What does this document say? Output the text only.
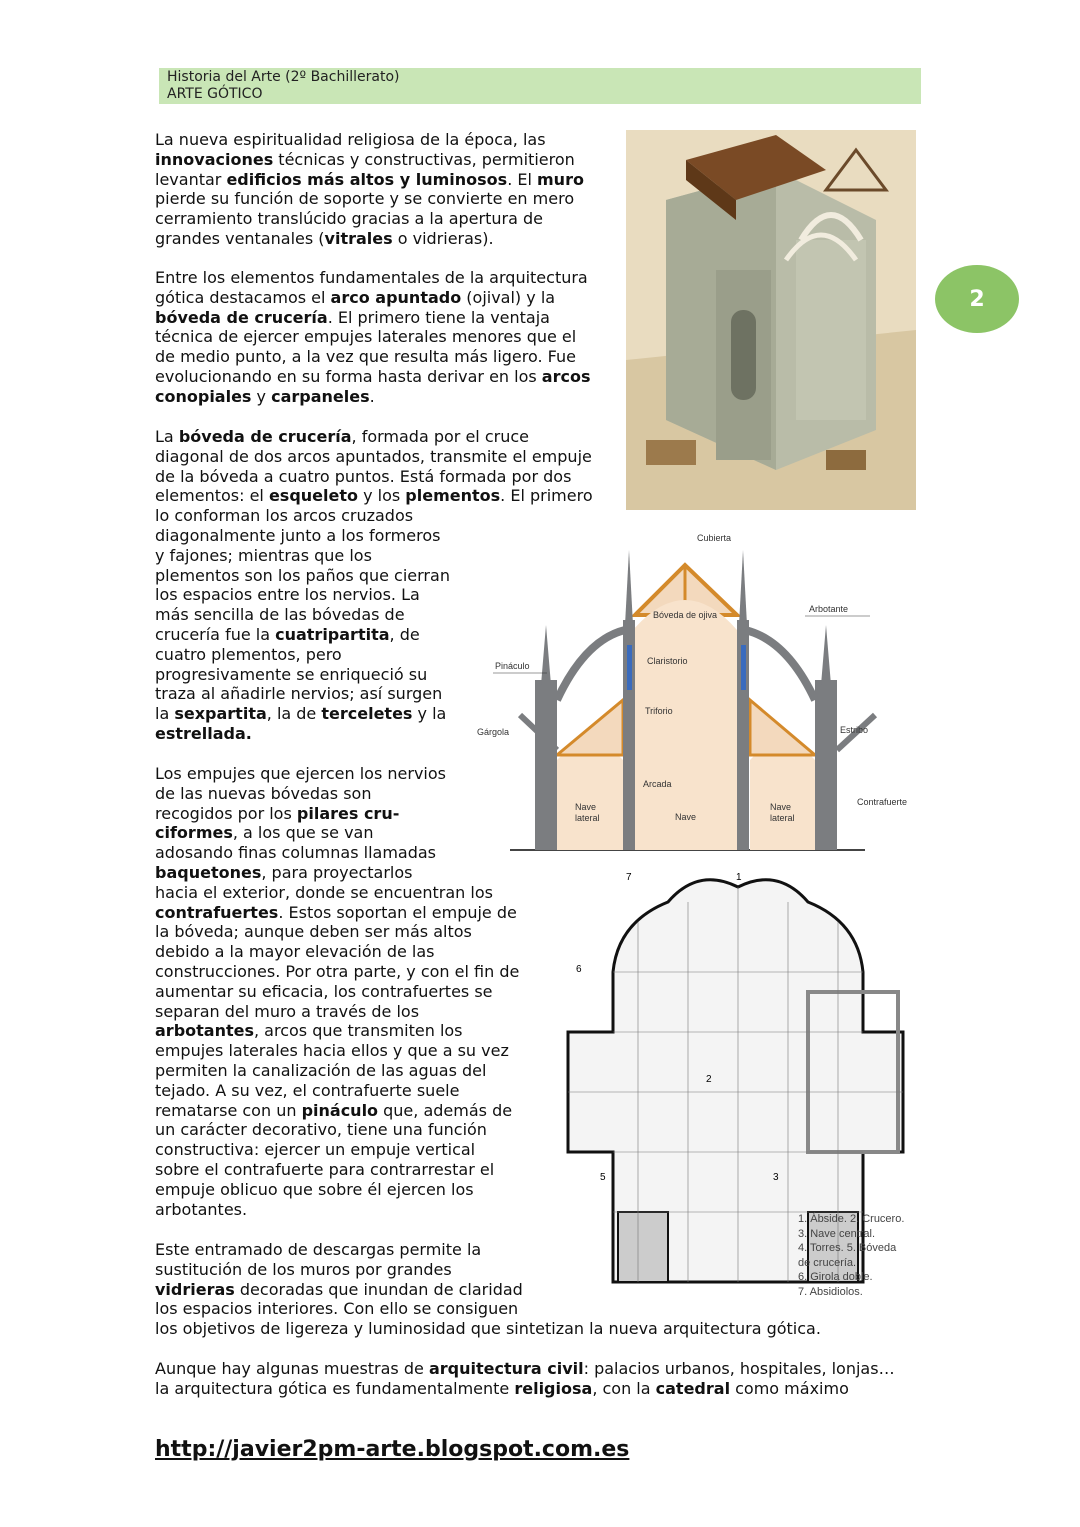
Historia del Arte (2º Bachillerato)
ARTE GÓTICO
2
La nueva espiritualidad religiosa de la época, las
innovaciones técnicas y constructivas, permitieron
levantar edificios más altos y luminosos. El muro
pierde su función de soporte y se convierte en mero
cerramiento translúcido gracias a la apertura de
grandes ventanales (vitrales o vidrieras).
Entre los elementos fundamentales de la arquitectura
gótica destacamos el arco apuntado (ojival) y la
bóveda de crucería. El primero tiene la ventaja
técnica de ejercer empujes laterales menores que el
de medio punto, a la vez que resulta más ligero. Fue
evolucionando en su forma hasta derivar en los arcos
conopiales y carpaneles.
La bóveda de crucería, formada por el cruce
diagonal de dos arcos apuntados, transmite el empuje
de la bóveda a cuatro puntos. Está formada por dos
elementos: el esqueleto y los plementos. El primero
lo conforman los arcos cruzados
diagonalmente junto a los formeros
y fajones; mientras que los
plementos son los paños que cierran
los espacios entre los nervios. La
más sencilla de las bóvedas de
crucería fue la cuatripartita, de
cuatro plementos, pero
progresivamente se enriqueció su
traza al añadirle nervios; así surgen
la sexpartita, la de terceletes y la
estrellada.
Los empujes que ejercen los nervios
de las nuevas bóvedas son
recogidos por los pilares cru-
ciformes, a los que se van
adosando finas columnas llamadas
baquetones, para proyectarlos
hacia el exterior, donde se encuentran los
contrafuertes. Estos soportan el empuje de
la bóveda; aunque deben ser más altos
debido a la mayor elevación de las
construcciones. Por otra parte, y con el fin de
aumentar su eficacia, los contrafuertes se
separan del muro a través de los
arbotantes, arcos que transmiten los
empujes laterales hacia ellos y que a su vez
permiten la canalización de las aguas del
tejado. A su vez, el contrafuerte suele
rematarse con un pináculo que, además de
un carácter decorativo, tiene una función
constructiva: ejercer un empuje vertical
sobre el contrafuerte para contrarrestar el
empuje oblicuo que sobre él ejercen los
arbotantes.
Este entramado de descargas permite la
sustitución de los muros por grandes
vidrieras decoradas que inundan de claridad
los espacios interiores. Con ello se consiguen
los objetivos de ligereza y luminosidad que sintetizan la nueva arquitectura gótica.
Aunque hay algunas muestras de arquitectura civil: palacios urbanos, hospitales, lonjas…
la arquitectura gótica es fundamentalmente religiosa, con la catedral como máximo
Cubierta
Bóveda de ojiva
Arbotante
Pináculo	Claristorio
Triforio
Gárgola	Estribo
Arcada
Contrafuerte
Nave
lateral	Nave
Nave
lateral
7	1
6
2
5	3
1. Ábside. 2. Crucero.
3. Nave central.
4. Torres. 5. Bóveda
de crucería.
6. Girola doble.
7. Absidiolos.
http://javier2pm-arte.blogspot.com.es
